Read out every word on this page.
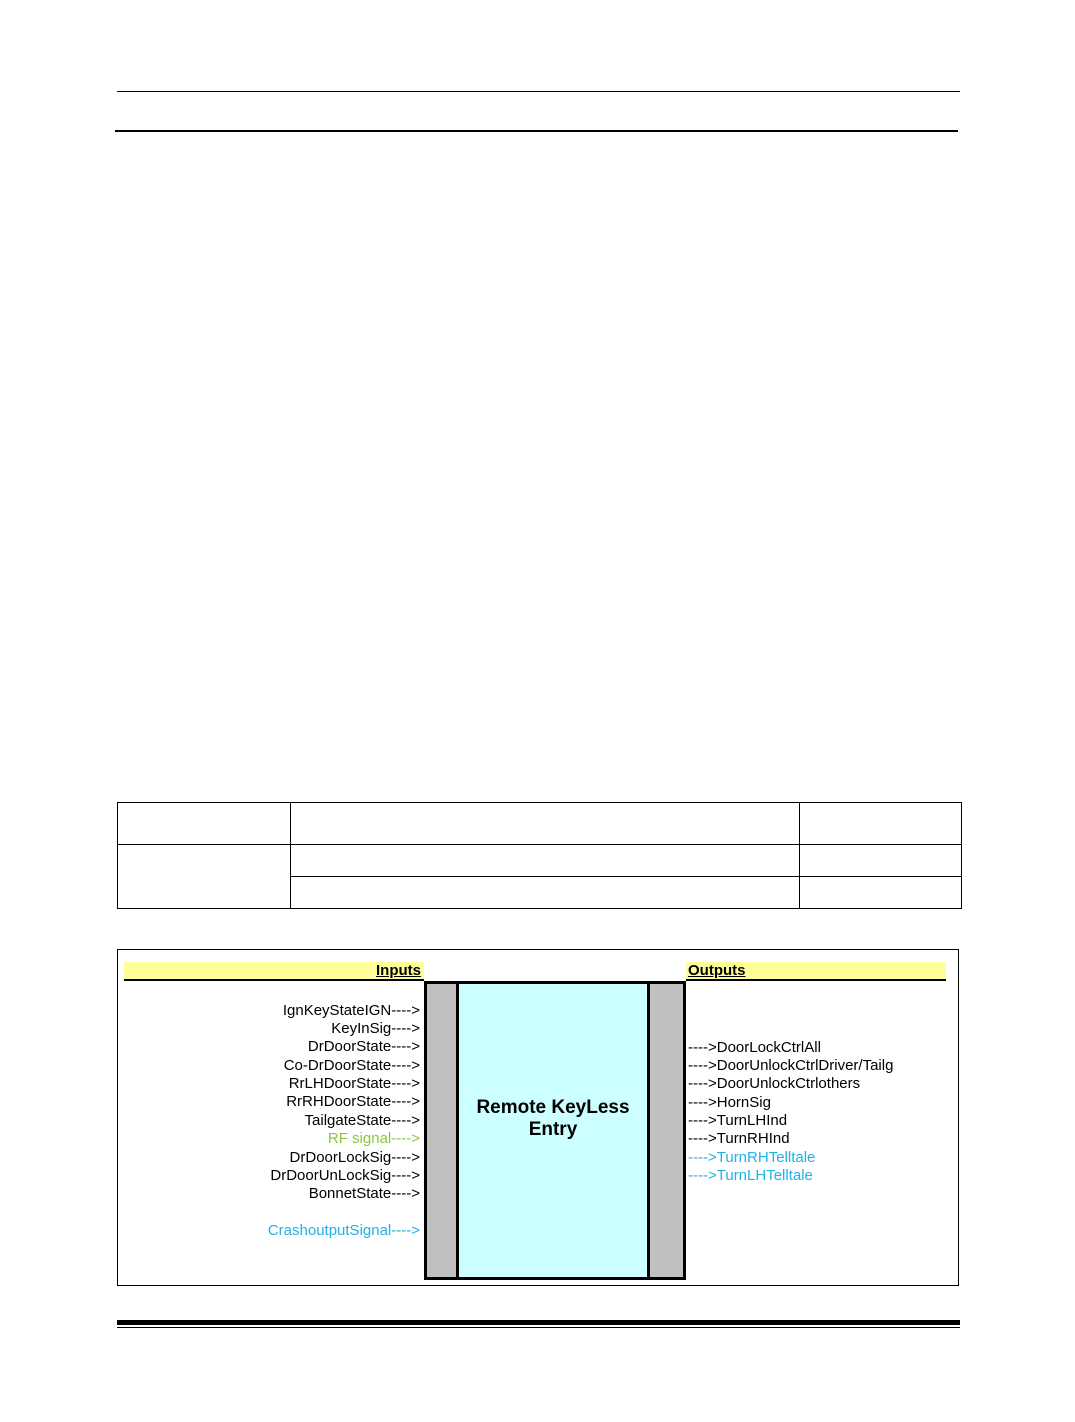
Inputs	Outputs
Remote KeyLess Entry
IgnKeyStateIGN---->
KeyInSig---->
DrDoorState---->
Co-DrDoorState---->
RrLHDoorState---->
RrRHDoorState---->
TailgateState---->
RF signal---->
DrDoorLockSig---->
DrDoorUnLockSig---->
BonnetState---->
CrashoutputSignal---->
---->DoorLockCtrlAll
---->DoorUnlockCtrlDriver/Tailg
---->DoorUnlockCtrlothers
---->HornSig
---->TurnLHInd
---->TurnRHInd
---->TurnRHTelltale
---->TurnLHTelltale
